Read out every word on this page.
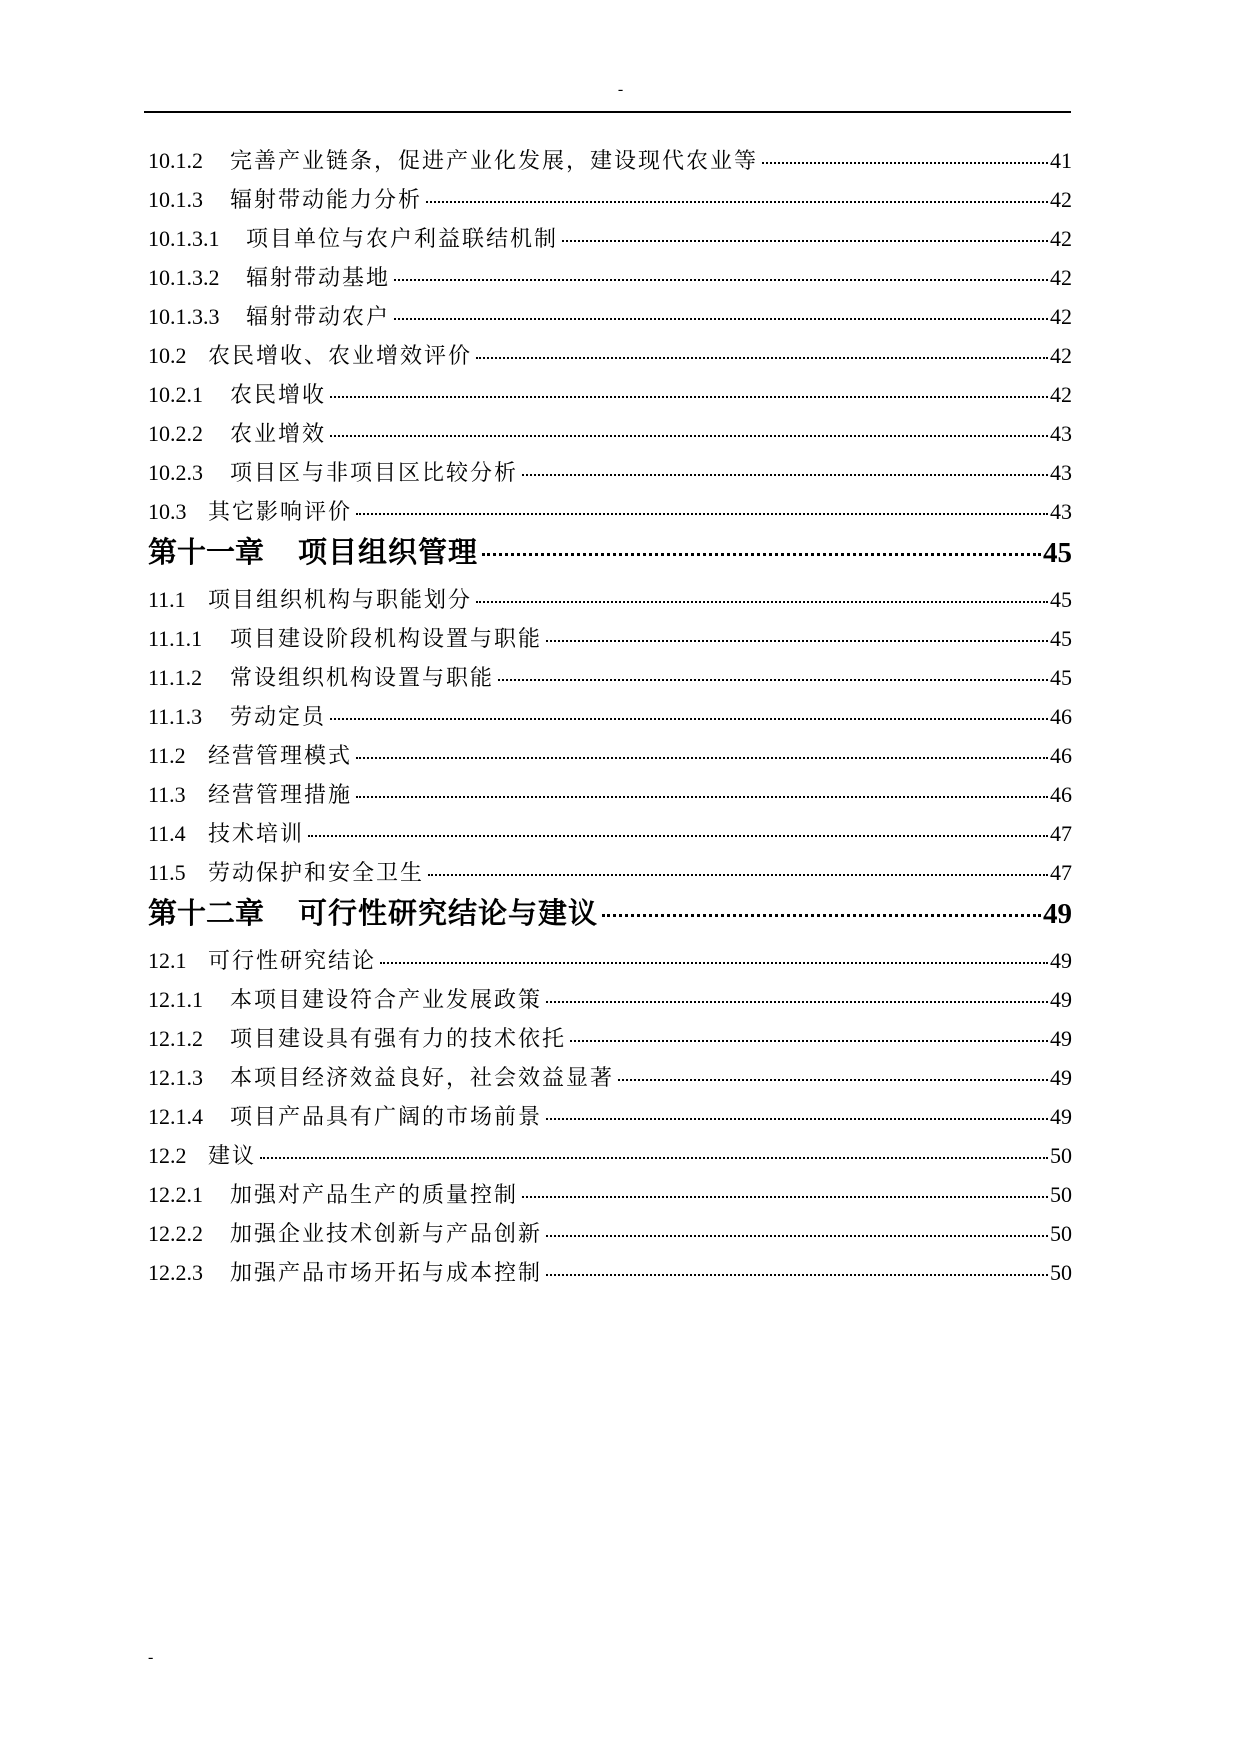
-
10.1.2	完善产业链条，促进产业化发展，建设现代农业等	41
10.1.3	辐射带动能力分析	42
10.1.3.1	项目单位与农户利益联结机制	42
10.1.3.2	辐射带动基地	42
10.1.3.3	辐射带动农户	42
10.2 农民增收、农业增效评价	42
10.2.1	农民增收	42
10.2.2	农业增效	43
10.2.3	项目区与非项目区比较分析	43
10.3 其它影响评价	43
第十一章	项目组织管理	45
11.1	项目组织机构与职能划分	45
11.1.1	项目建设阶段机构设置与职能	45
11.1.2	常设组织机构设置与职能	45
11.1.3	劳动定员	46
11.2	经营管理模式	46
11.3	经营管理措施	46
11.4	技术培训	47
11.5	劳动保护和安全卫生	47
第十二章	可行性研究结论与建议	49
12.1 可行性研究结论	49
12.1.1	本项目建设符合产业发展政策	49
12.1.2	项目建设具有强有力的技术依托	49
12.1.3	本项目经济效益良好，社会效益显著	49
12.1.4	项目产品具有广阔的市场前景	49
12.2 建议	50
12.2.1	加强对产品生产的质量控制	50
12.2.2	加强企业技术创新与产品创新	50
12.2.3	加强产品市场开拓与成本控制	50
-
